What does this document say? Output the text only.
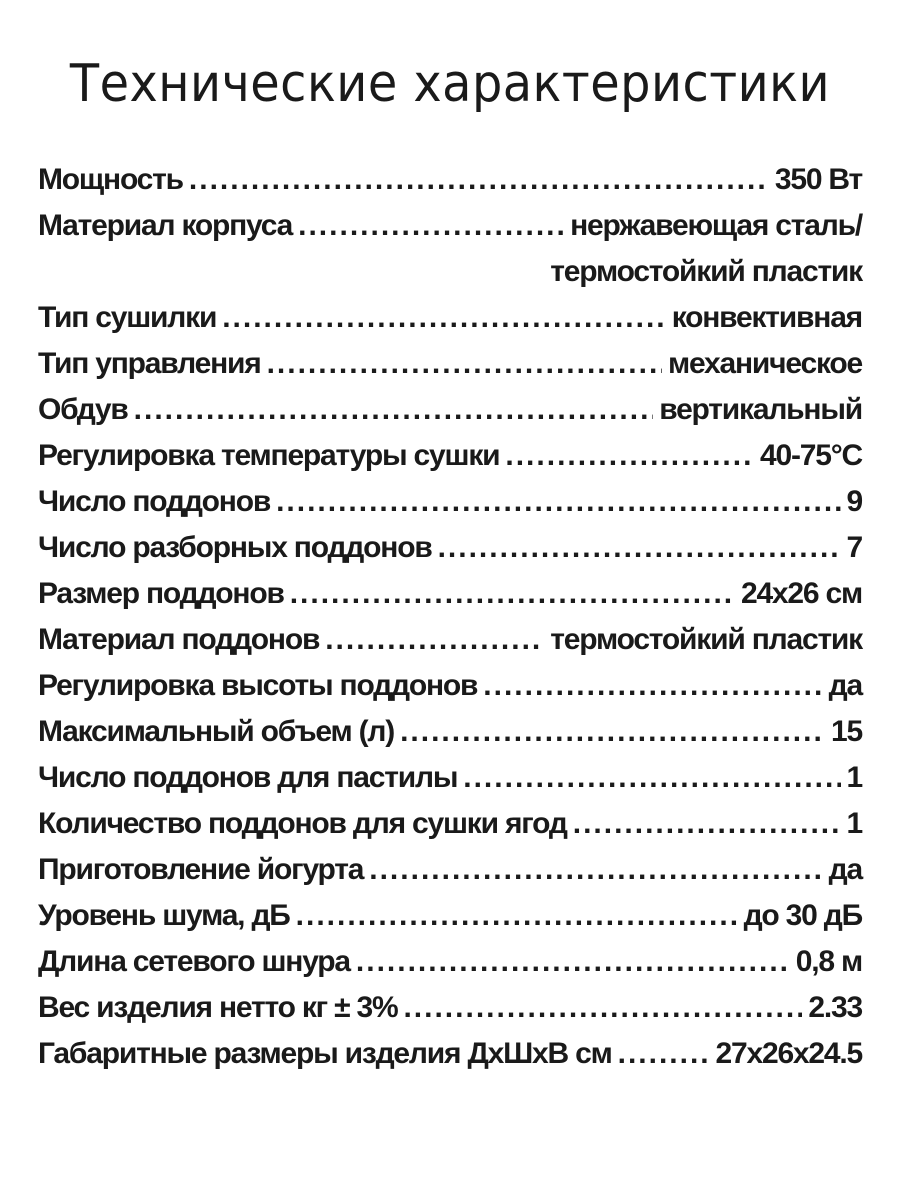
Технические характеристики
Мощность .....	350 Вт
Материал корпуса .....	нержавеющая сталь/
термостойкий пластик
Тип сушилки .....	конвективная
Тип управления .....	механическое
Обдув .....	вертикальный
Регулировка температуры сушки .....	40-75°С
Число поддонов .....	9
Число разборных поддонов .....	7
Размер поддонов .....	24х26 см
Материал поддонов .....	термостойкий пластик
Регулировка высоты поддонов .....	да
Максимальный объем (л) .....	15
Число поддонов для пастилы .....	1
Количество поддонов для сушки ягод .....	1
Приготовление йогурта .....	да
Уровень шума, дБ .....	до 30 дБ
Длина сетевого шнура .....	0,8 м
Вес изделия нетто кг ± 3% .....	2.33
Габаритные размеры изделия ДхШхВ см .....	27х26х24.5
